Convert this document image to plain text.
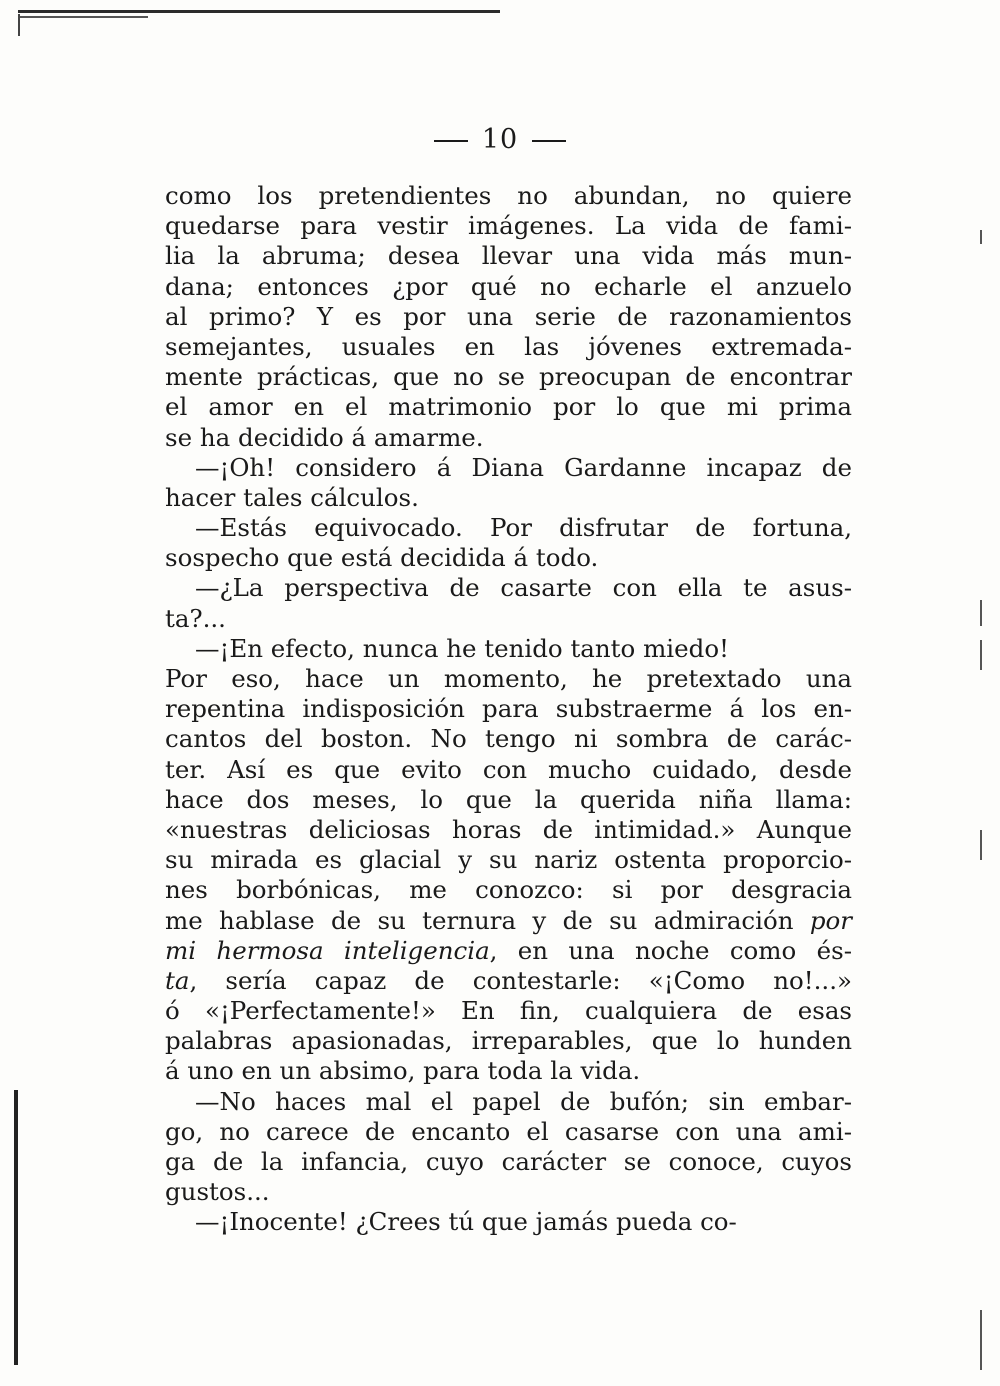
10
como los pretendientes no abundan, no quiere
quedarse para vestir imágenes. La vida de fami-
lia la abruma; desea llevar una vida más mun-
dana; entonces ¿por qué no echarle el anzuelo
al primo? Y es por una serie de razonamientos
semejantes, usuales en las jóvenes extremada-
mente prácticas, que no se preocupan de encontrar
el amor en el matrimonio por lo que mi prima
se ha decidido á amarme.
—¡Oh! considero á Diana Gardanne incapaz de
hacer tales cálculos.
—Estás equivocado. Por disfrutar de fortuna,
sospecho que está decidida á todo.
—¿La perspectiva de casarte con ella te asus-
ta?...
—¡En efecto, nunca he tenido tanto miedo!
Por eso, hace un momento, he pretextado una
repentina indisposición para substraerme á los en-
cantos del boston. No tengo ni sombra de carác-
ter. Así es que evito con mucho cuidado, desde
hace dos meses, lo que la querida niña llama:
«nuestras deliciosas horas de intimidad.» Aunque
su mirada es glacial y su nariz ostenta proporcio-
nes borbónicas, me conozco: si por desgracia
me hablase de su ternura y de su admiración por
mi hermosa inteligencia, en una noche como és-
ta, sería capaz de contestarle: «¡Como no!...»
ó «¡Perfectamente!» En fin, cualquiera de esas
palabras apasionadas, irreparables, que lo hunden
á uno en un absimo, para toda la vida.
—No haces mal el papel de bufón; sin embar-
go, no carece de encanto el casarse con una ami-
ga de la infancia, cuyo carácter se conoce, cuyos
gustos...
—¡Inocente! ¿Crees tú que jamás pueda co-
